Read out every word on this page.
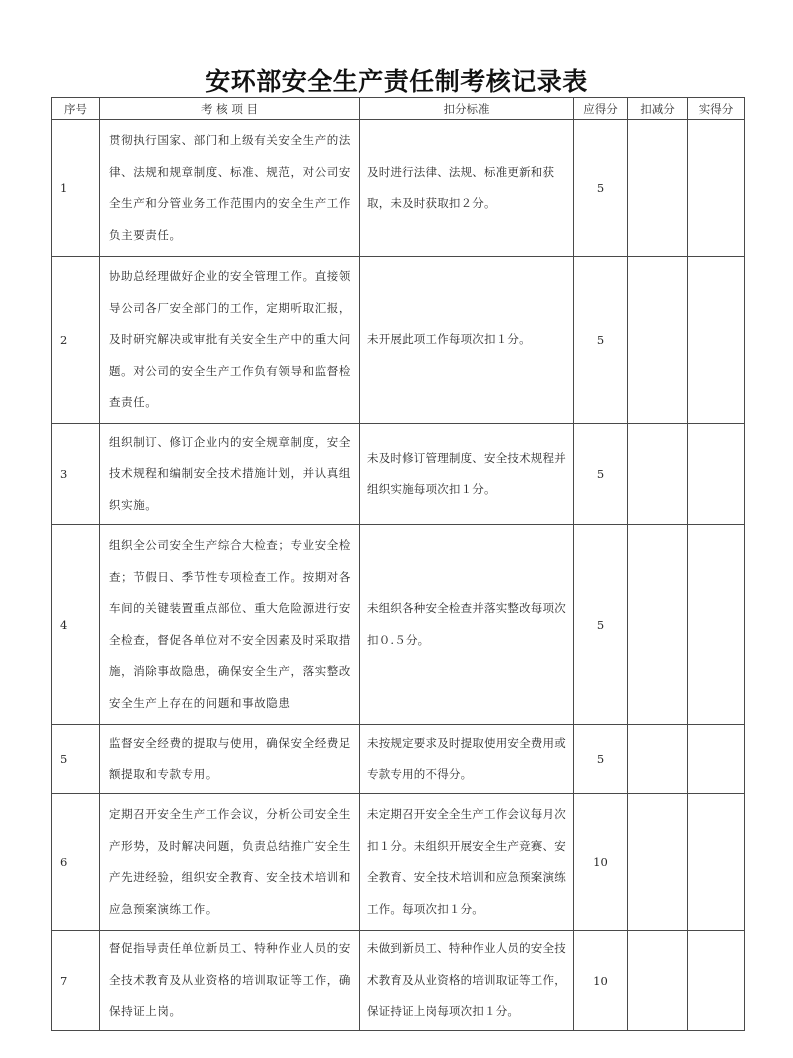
安环部安全生产责任制考核记录表
序号	考 核 项 目	扣分标准	应得分	扣减分	实得分
1	贯彻执行国家、部门和上级有关安全生产的法律、法规和规章制度、标准、规范，对公司安全生产和分管业务工作范围内的安全生产工作负主要责任。	及时进行法律、法规、标准更新和获取，未及时获取扣２分。	5		
2	协助总经理做好企业的安全管理工作。直接领导公司各厂安全部门的工作，定期听取汇报，及时研究解决或审批有关安全生产中的重大问题。对公司的安全生产工作负有领导和监督检查责任。	未开展此项工作每项次扣１分。	5		
3	组织制订、修订企业内的安全规章制度，安全技术规程和编制安全技术措施计划，并认真组织实施。	未及时修订管理制度、安全技术规程并组织实施每项次扣１分。	5		
4	组织全公司安全生产综合大检查；专业安全检查；节假日、季节性专项检查工作。按期对各车间的关键装置重点部位、重大危险源进行安全检查，督促各单位对不安全因素及时采取措施，消除事故隐患，确保安全生产，落实整改安全生产上存在的问题和事故隐患	未组织各种安全检查并落实整改每项次扣０.５分。	5		
5	监督安全经费的提取与使用，确保安全经费足额提取和专款专用。	未按规定要求及时提取使用安全费用或专款专用的不得分。	5		
6	定期召开安全生产工作会议，分析公司安全生产形势，及时解决问题，负责总结推广安全生产先进经验，组织安全教育、安全技术培训和应急预案演练工作。	未定期召开安全全生产工作会议每月次扣１分。未组织开展安全生产竞赛、安全教育、安全技术培训和应急预案演练工作。每项次扣１分。	10		
7	督促指导责任单位新员工、特种作业人员的安全技术教育及从业资格的培训取证等工作，确保持证上岗。	未做到新员工、特种作业人员的安全技术教育及从业资格的培训取证等工作，保证持证上岗每项次扣１分。	10		
